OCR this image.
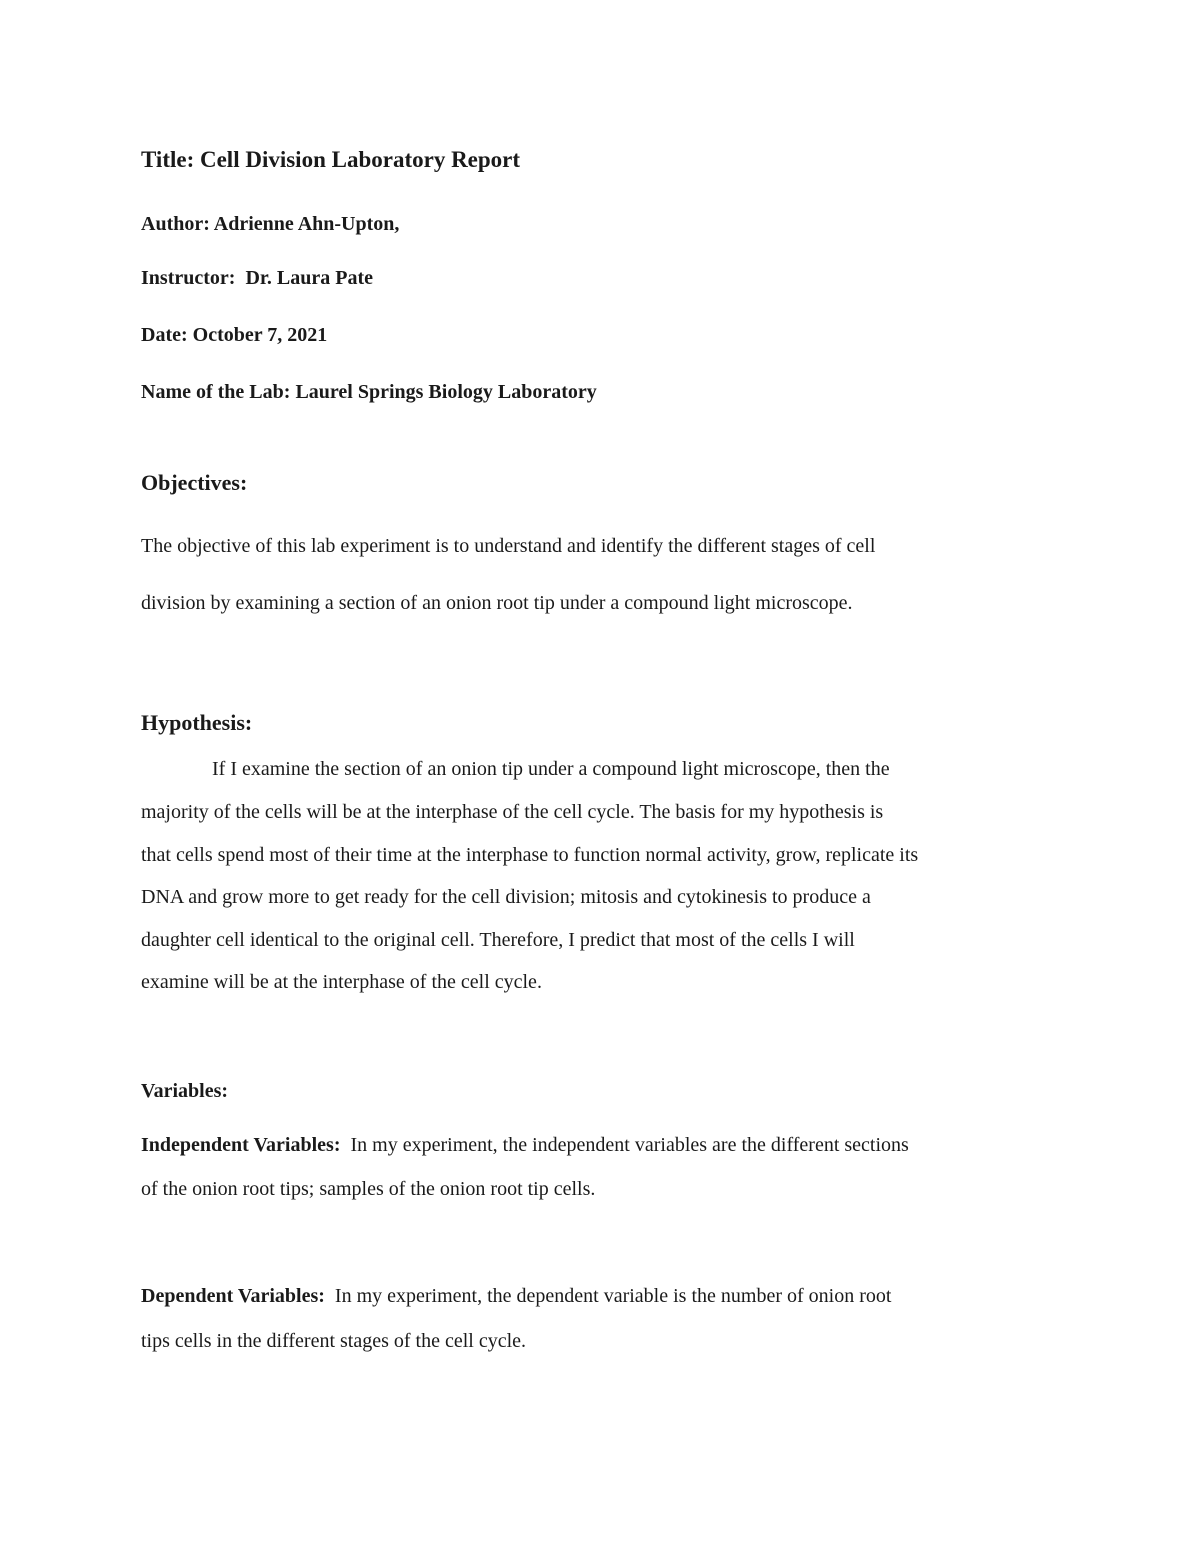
Title: Cell Division Laboratory Report
Author: Adrienne Ahn-Upton,
Instructor: Dr. Laura Pate
Date: October 7, 2021
Name of the Lab: Laurel Springs Biology Laboratory
Objectives:
The objective of this lab experiment is to understand and identify the different stages of cell
division by examining a section of an onion root tip under a compound light microscope.
Hypothesis:
If I examine the section of an onion tip under a compound light microscope, then the
majority of the cells will be at the interphase of the cell cycle. The basis for my hypothesis is
that cells spend most of their time at the interphase to function normal activity, grow, replicate its
DNA and grow more to get ready for the cell division; mitosis and cytokinesis to produce a
daughter cell identical to the original cell. Therefore, I predict that most of the cells I will
examine will be at the interphase of the cell cycle.
Variables:
Independent Variables: In my experiment, the independent variables are the different sections
of the onion root tips; samples of the onion root tip cells.
Dependent Variables: In my experiment, the dependent variable is the number of onion root
tips cells in the different stages of the cell cycle.
